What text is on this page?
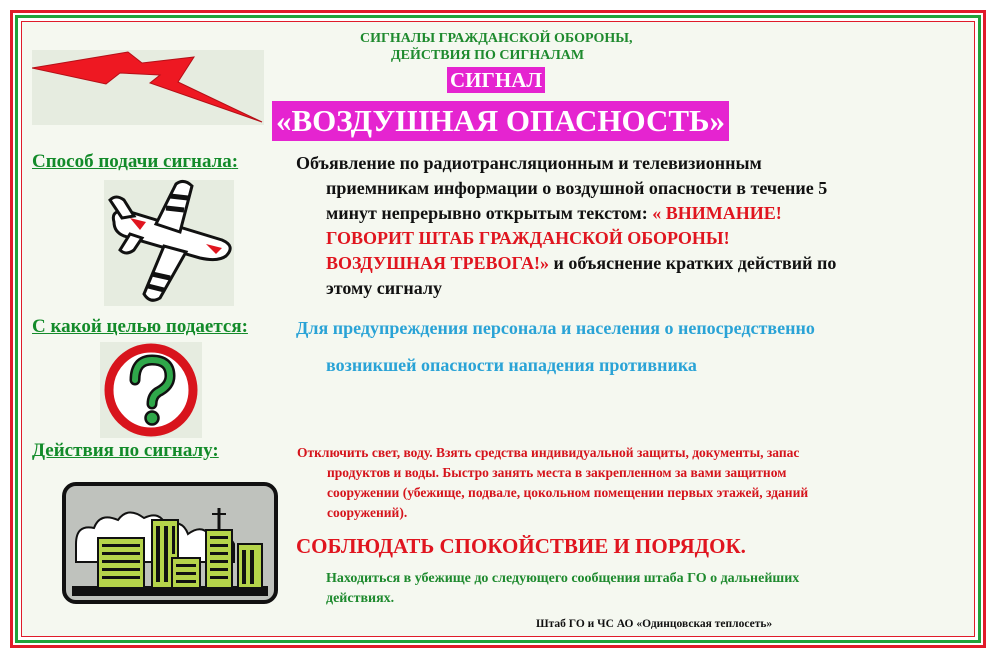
СИГНАЛЫ ГРАЖДАНСКОЙ ОБОРОНЫ,
ДЕЙСТВИЯ ПО СИГНАЛАМ
СИГНАЛ
«ВОЗДУШНАЯ ОПАСНОСТЬ»
Способ подачи сигнала:	Объявление по радиотрансляционным и телевизионным
приемникам информации о воздушной опасности в течение 5
минут непрерывно открытым текстом: « ВНИМАНИЕ!
ГОВОРИТ ШТАБ ГРАЖДАНСКОЙ ОБОРОНЫ!
ВОЗДУШНАЯ ТРЕВОГА!» и объяснение кратких действий по
этому сигналу
С какой целью подается:	Для предупреждения персонала и населения о непосредственно
возникшей опасности нападения противника
Действия по сигналу:	Отключить свет, воду. Взять средства индивидуальной защиты, документы, запас
продуктов и воды. Быстро занять места в закрепленном за вами защитном
сооружении (убежище, подвале, цокольном помещении первых этажей, зданий
сооружений).
СОБЛЮДАТЬ СПОКОЙСТВИЕ И ПОРЯДОК.
Находиться в убежище до следующего сообщения штаба ГО о дальнейших
действиях.
Штаб ГО и ЧС АО «Одинцовская теплосеть»
